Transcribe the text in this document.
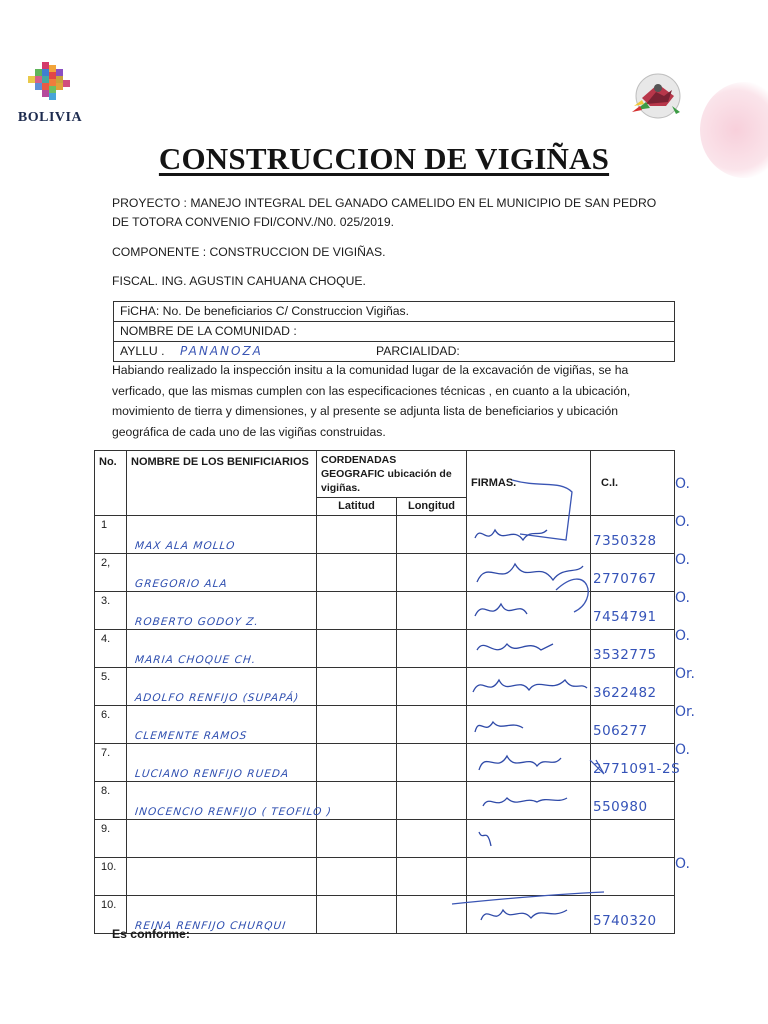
BOLIVIA
CONSTRUCCION DE VIGIÑAS
PROYECTO : MANEJO INTEGRAL DEL GANADO CAMELIDO EN EL MUNICIPIO DE SAN PEDRO DE TOTORA CONVENIO FDI/CONV./N0. 025/2019.
COMPONENTE : CONSTRUCCION DE VIGIÑAS.
FISCAL. ING. AGUSTIN CAHUANA CHOQUE.
FiCHA: No. De beneficiarios C/ Construccion Vigiñas.
NOMBRE DE LA COMUNIDAD :
AYLLU . PANANOZA	PARCIALIDAD:
Habiando realizado la inspección insitu a la comunidad lugar de la excavación de vigiñas, se ha verficado, que las mismas cumplen con las especificaciones técnicas , en cuanto a la ubicación, movimiento de tierra y dimensiones, y al presente se adjunta lista de beneficiarios y ubicación geográfica de cada uno de las vigiñas construidas.
No.	NOMBRE DE LOS BENIFICIARIOS	CORDENADAS GEOGRAFIC ubicación de vigiñas.		FIRMAS.	C.I.
		Latitud	Longitud		
1	MAX ALA MOLLO				7350328

2,	GREGORIO ALA				2770767

3.	ROBERTO GODOY Z.				7454791

4.	MARIA CHOQUE CH.				3532775

5.	ADOLFO RENFIJO (SUPAPÁ)				3622482

6.	CLEMENTE RAMOS				506277

7.	LUCIANO RENFIJO RUEDA				2771091-2S

8.	INOCENCIO RENFIJO ( TEOFILO )				550980

9.	

10.	

10.	REINA RENFIJO CHURQUI				5740320
O.
O.
O.
O.
O.
Or.
Or.
O.
O.
Es conforme:
